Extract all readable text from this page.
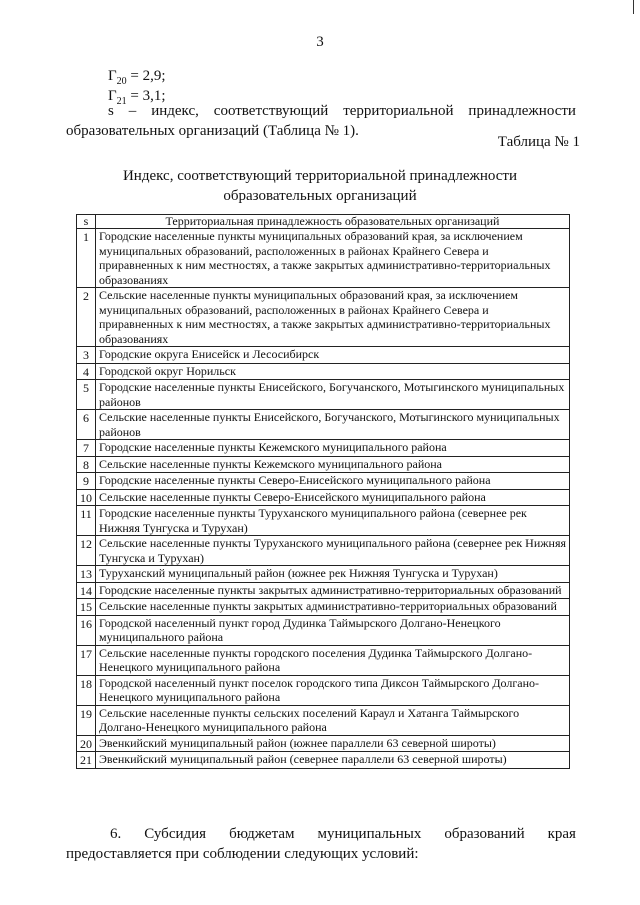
3
$Г_{20} = 2,9$;
$Г_{21} = 3,1$;
s – индекс, соответствующий территориальной принадлежности
образовательных организаций (Таблица № 1).
Таблица № 1
Индекс, соответствующий территориальной принадлежности
образовательных организаций
s	Территориальная принадлежность образовательных организаций
1	Городские населенные пункты муниципальных образований края, за исключением муниципальных образований, расположенных в районах Крайнего Севера и приравненных к ним местностях, а также закрытых административно-территориальных образованиях
2	Сельские населенные пункты муниципальных образований края, за исключением муниципальных образований, расположенных в районах Крайнего Севера и приравненных к ним местностях, а также закрытых административно-территориальных образованиях
3	Городские округа Енисейск и Лесосибирск
4	Городской округ Норильск
5	Городские населенные пункты Енисейского, Богучанского, Мотыгинского муниципальных районов
6	Сельские населенные пункты Енисейского, Богучанского, Мотыгинского муниципальных районов
7	Городские населенные пункты Кежемского муниципального района
8	Сельские населенные пункты Кежемского муниципального района
9	Городские населенные пункты Северо-Енисейского муниципального района
10	Сельские населенные пункты Северо-Енисейского муниципального района
11	Городские населенные пункты Туруханского муниципального района (севернее рек Нижняя Тунгуска и Турухан)
12	Сельские населенные пункты Туруханского муниципального района (севернее рек Нижняя Тунгуска и Турухан)
13	Туруханский муниципальный район (южнее рек Нижняя Тунгуска и Турухан)
14	Городские населенные пункты закрытых административно-территориальных образований
15	Сельские населенные пункты закрытых административно-территориальных образований
16	Городской населенный пункт город Дудинка Таймырского Долгано-Ненецкого муниципального района
17	Сельские населенные пункты городского поселения Дудинка Таймырского Долгано-Ненецкого муниципального района
18	Городской населенный пункт поселок городского типа Диксон Таймырского Долгано-Ненецкого муниципального района
19	Сельские населенные пункты сельских поселений Караул и Хатанга Таймырского Долгано-Ненецкого муниципального района
20	Эвенкийский муниципальный район (южнее параллели 63 северной широты)
21	Эвенкийский муниципальный район (севернее параллели 63 северной широты)
6. Субсидия бюджетам муниципальных образований края
предоставляется при соблюдении следующих условий:
